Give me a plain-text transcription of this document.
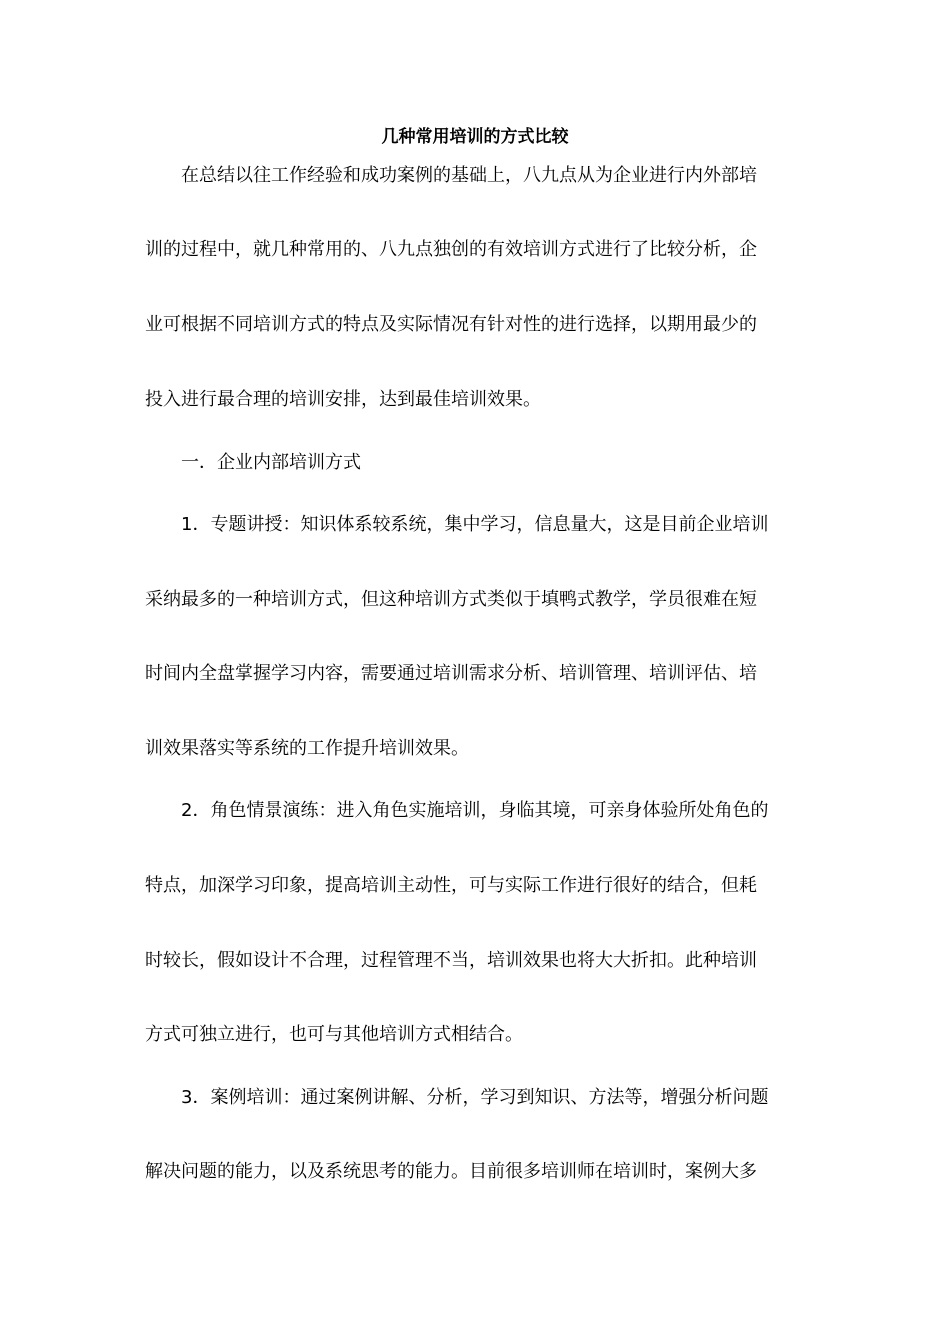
几种常用培训的方式比较
在总结以往工作经验和成功案例的基础上，八九点从为企业进行内外部培
训的过程中，就几种常用的、八九点独创的有效培训方式进行了比较分析，企
业可根据不同培训方式的特点及实际情况有针对性的进行选择，以期用最少的
投入进行最合理的培训安排，达到最佳培训效果。
一．企业内部培训方式
1．专题讲授：知识体系较系统，集中学习，信息量大，这是目前企业培训
采纳最多的一种培训方式，但这种培训方式类似于填鸭式教学，学员很难在短
时间内全盘掌握学习内容，需要通过培训需求分析、培训管理、培训评估、培
训效果落实等系统的工作提升培训效果。
2．角色情景演练：进入角色实施培训，身临其境，可亲身体验所处角色的
特点，加深学习印象，提高培训主动性，可与实际工作进行很好的结合，但耗
时较长，假如设计不合理，过程管理不当，培训效果也将大大折扣。此种培训
方式可独立进行，也可与其他培训方式相结合。
3．案例培训：通过案例讲解、分析，学习到知识、方法等，增强分析问题
解决问题的能力，以及系统思考的能力。目前很多培训师在培训时，案例大多
